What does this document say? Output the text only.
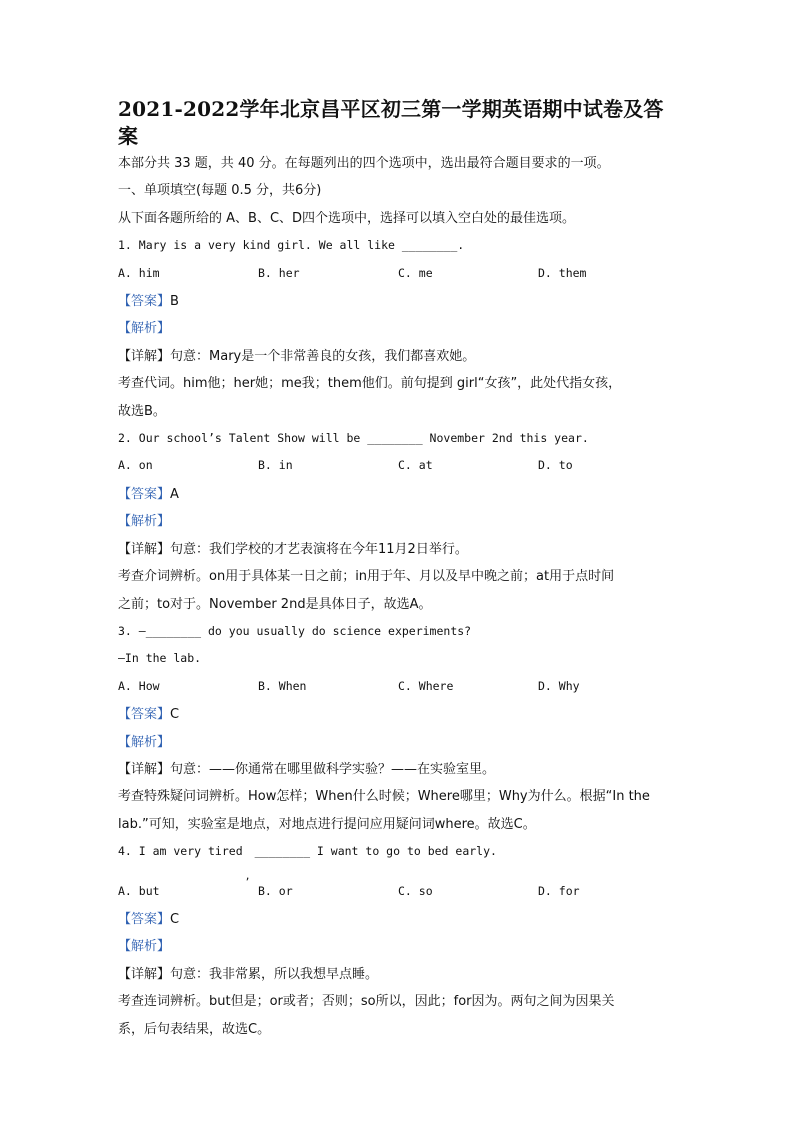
2021-2022学年北京昌平区初三第一学期英语期中试卷及答
案
本部分共 33 题，共 40 分。在每题列出的四个选项中，选出最符合题目要求的一项。
一、单项填空(每题 0.5 分，共6分)
从下面各题所给的 A、B、C、D四个选项中，选择可以填入空白处的最佳选项。
1. Mary is a very kind girl. We all like ________.
A. him	B. her	C. me	D. them
【答案】B
【解析】
【详解】句意：Mary是一个非常善良的女孩，我们都喜欢她。
考查代词。him他；her她；me我；them他们。前句提到 girl“女孩”，此处代指女孩，
故选B。
2. Our school’s Talent Show will be ________ November 2nd this year.
A. on	B. in	C. at	D. to
【答案】A
【解析】
【详解】句意：我们学校的才艺表演将在今年11月2日举行。
考查介词辨析。on用于具体某一日之前；in用于年、月以及早中晚之前；at用于点时间
之前；to对于。November 2nd是具体日子，故选A。
3. —________ do you usually do science experiments?
—In the lab.
A. How	B. When	C. Where	D. Why
【答案】C
【解析】
【详解】句意：——你通常在哪里做科学实验？——在实验室里。
考查特殊疑问词辨析。How怎样；When什么时候；Where哪里；Why为什么。根据“In the
lab.”可知，实验室是地点，对地点进行提问应用疑问词where。故选C。
4. I am very tired ________ I want to go to bed early.
A. but	B. or	C. so	D. for
【答案】C
【解析】
【详解】句意：我非常累，所以我想早点睡。
考查连词辨析。but但是；or或者；否则；so所以，因此；for因为。两句之间为因果关
系，后句表结果，故选C。
